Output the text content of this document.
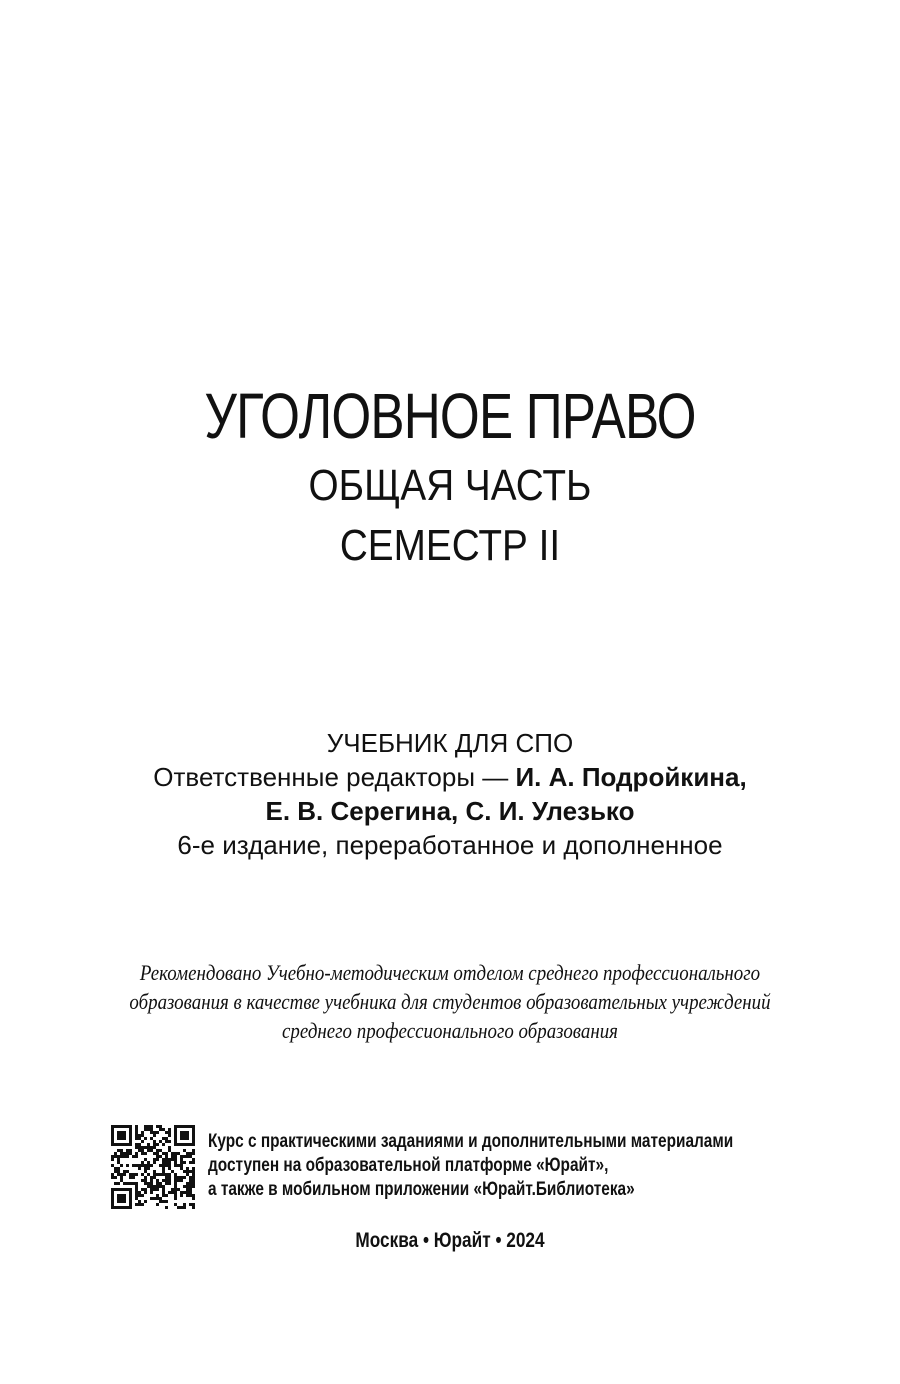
УГОЛОВНОЕ ПРАВО
ОБЩАЯ ЧАСТЬ
СЕМЕСТР II
УЧЕБНИК ДЛЯ СПО
Ответственные редакторы — И. А. Подройкина,
Е. В. Серегина, С. И. Улезько
6-е издание, переработанное и дополненное
Рекомендовано Учебно-методическим отделом среднего профессионального
образования в качестве учебника для студентов образовательных учреждений
среднего профессионального образования
Курс с практическими заданиями и дополнительными материалами
доступен на образовательной платформе «Юрайт»,
а также в мобильном приложении «Юрайт.Библиотека»
Москва • Юрайт • 2024
